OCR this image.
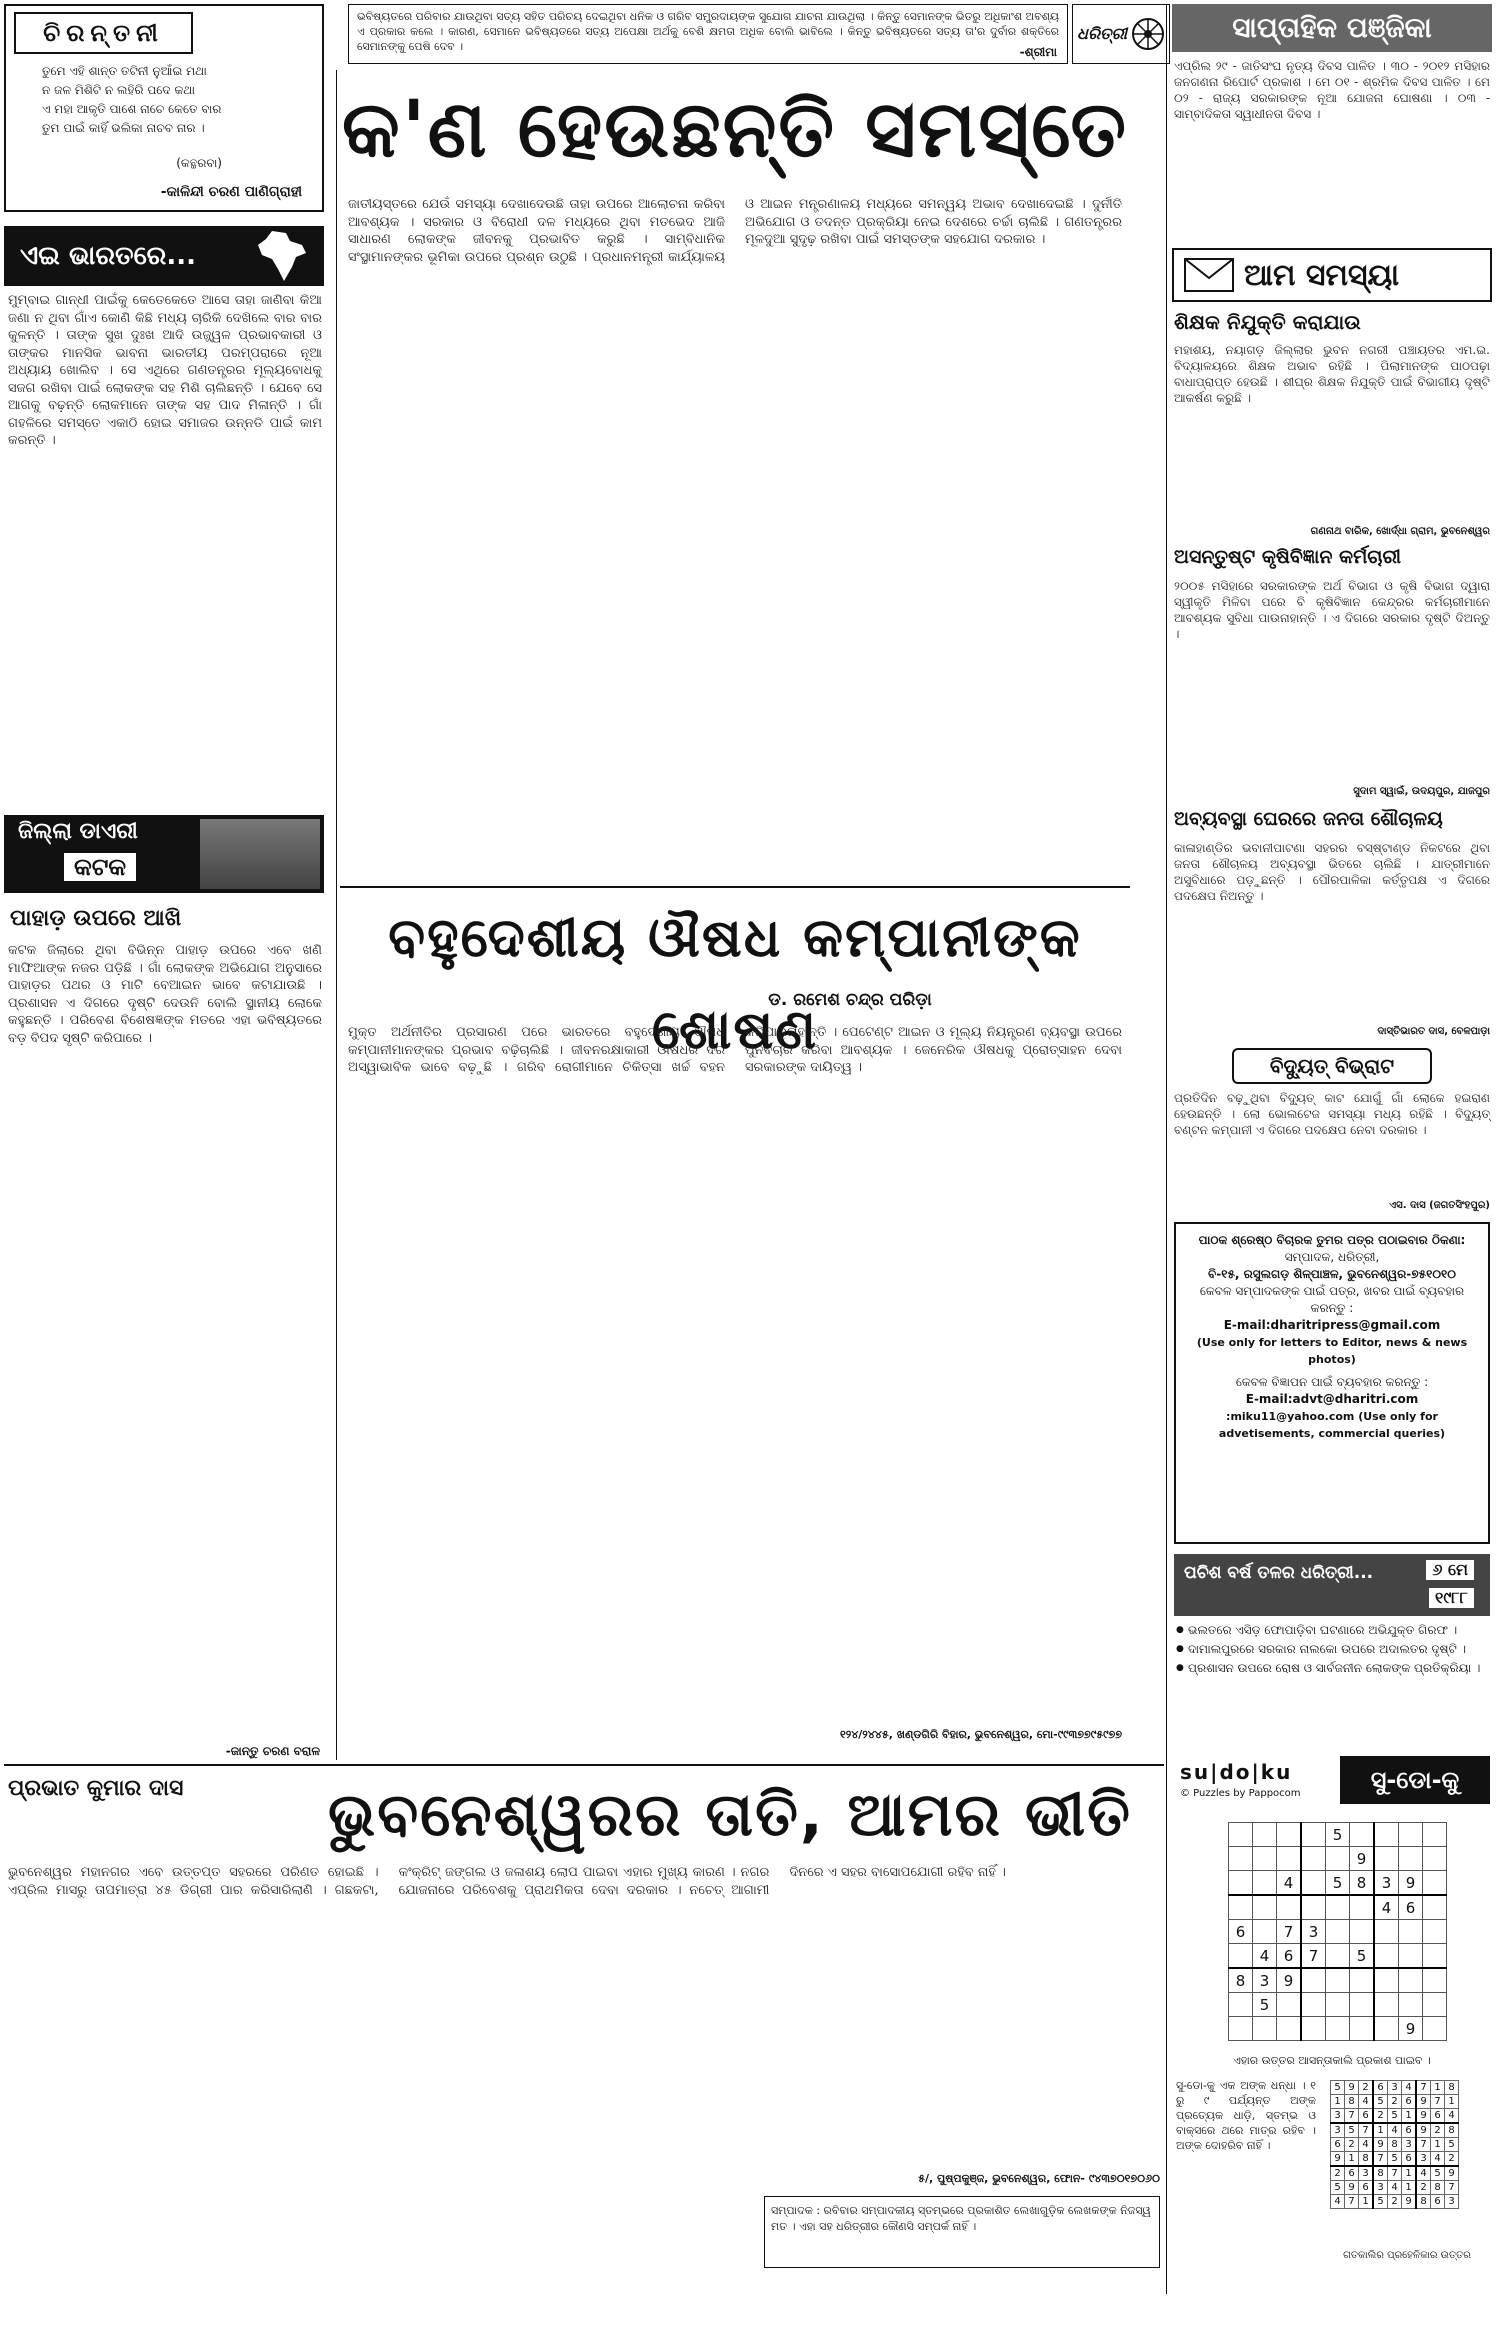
ଭବିଷ୍ୟତରେ ପରିବାର ଯାଉଥିବା ସତ୍ୟ ସହିତ ପରିଚୟ ଦେଇଥିବା ଧନିକ ଓ ଗରିବ ସମ୍ପ୍ରଦାୟଙ୍କ ସୁଯୋଗ ଯାଚନା ଯାଉଥିଲା । କିନ୍ତୁ ସେମାନଙ୍କ ଭିତରୁ ଅଧିକାଂଶ ଅବଶ୍ୟ ଏ ପ୍ରକାର କଲେ । କାରଣ, ସେମାନେ ଭବିଷ୍ୟତରେ ସତ୍ୟ ଅପେକ୍ଷା ଅର୍ଥକୁ ବେଶି କ୍ଷମତା ଅଧିକ ବୋଲି ଭାବିଲେ । କିନ୍ତୁ ଭବିଷ୍ୟତରେ ସତ୍ୟ ତା'ର ଦୁର୍ବାର ଶକ୍ତିରେ ସେମାନଙ୍କୁ ପେଷି ଦେବ ।	-ଶ୍ରୀମା
ଧରିତ୍ରୀ
ଚିରନ୍ତନୀ
ତୁମେ ଏହି ଶାନ୍ତ ତଟିନୀ ନୁଆଁଇ ମଥା
ନ ଜଳ ମିଶିଟି ନ ଲହିରି ପଦେ କଥା
ଏ ମହା ଆକୃତି ପାଶେ ନାଚେ କେତେ ବାର
ତୁମ ପାଇଁ କାହିଁ ଭଲିକା ନାଚବ ନାର ।
(କନ୍ଥରବା)
-କାଳିନ୍ଦୀ ଚରଣ ପାଣିଗ୍ରାହୀ
ଏଇ ଭାରତରେ...
ମୁମ୍ବାଇ ଗାନ୍ଧୀ ପାଇଁକୁ କେତେକେତେ ଆସେ ତାହା ଜାଣିବା କିଆ ଜଣା ନ ଥିବା ଗାଁଏ କୋଣି କିଛି ମଧ୍ୟ ଚାରିକି ଦେଖିଲେ ବାର ବାର କୁଳନ୍ତି । ତାଙ୍କ ସୁଖ ଦୁଃଖ ଆଦି ଉଜ୍ଜ୍ୱଳ ପ୍ରଭାବକାରୀ ଓ ତାଙ୍କର ମାନସିକ ଭାବନା ଭାରତୀୟ ପରମ୍ପରାରେ ନୂଆ ଅଧ୍ୟାୟ ଖୋଲିବ । ସେ ଏଥିରେ ଗଣତନ୍ତ୍ରର ମୂଲ୍ୟବୋଧକୁ ସଜଗ ରଖିବା ପାଇଁ ଲୋକଙ୍କ ସହ ମିଶି ଚାଲିଛନ୍ତି । ଯେବେ ସେ ଆଗକୁ ବଢ଼ନ୍ତି ଲୋକମାନେ ତାଙ୍କ ସହ ପାଦ ମିଳାନ୍ତି । ଗାଁ ଗହଳିରେ ସମସ୍ତେ ଏକାଠି ହୋଇ ସମାଜର ଉନ୍ନତି ପାଇଁ କାମ କରନ୍ତି ।
ଜିଲ୍ଲା ଡାଏରୀ
କଟକ
ପାହାଡ଼ ଉପରେ ଆଖି
କଟକ ଜିଲାରେ ଥିବା ବିଭିନ୍ନ ପାହାଡ଼ ଉପରେ ଏବେ ଖଣି ମାଫିଆଙ୍କ ନଜର ପଡ଼ିଛି । ଗାଁ ଲୋକଙ୍କ ଅଭିଯୋଗ ଅନୁସାରେ ପାହାଡ଼ର ପଥର ଓ ମାଟି ବେଆଇନ ଭାବେ କଟାଯାଉଛି । ପ୍ରଶାସନ ଏ ଦିଗରେ ଦୃଷ୍ଟି ଦେଉନି ବୋଲି ସ୍ଥାନୀୟ ଲୋକେ କହୁଛନ୍ତି । ପରିବେଶ ବିଶେଷଜ୍ଞଙ୍କ ମତରେ ଏହା ଭବିଷ୍ୟତରେ ବଡ଼ ବିପଦ ସୃଷ୍ଟି କରିପାରେ ।
-ଜାନ୍ତୁ ଚରଣ ବରାଳ
କ'ଣ ହେଉଛନ୍ତି ସମସ୍ତେ
ଜାତୀୟସ୍ତରେ ଯେଉଁ ସମସ୍ୟା ଦେଖାଦେଉଛି ତାହା ଉପରେ ଆଲୋଚନା କରିବା ଆବଶ୍ୟକ । ସରକାର ଓ ବିରୋଧୀ ଦଳ ମଧ୍ୟରେ ଥିବା ମତଭେଦ ଆଜି ସାଧାରଣ ଲୋକଙ୍କ ଜୀବନକୁ ପ୍ରଭାବିତ କରୁଛି । ସାମ୍ବିଧାନିକ ସଂସ୍ଥାମାନଙ୍କର ଭୂମିକା ଉପରେ ପ୍ରଶ୍ନ ଉଠୁଛି । ପ୍ରଧାନମନ୍ତ୍ରୀ କାର୍ଯ୍ୟାଳୟ ଓ ଆଇନ ମନ୍ତ୍ରଣାଳୟ ମଧ୍ୟରେ ସମନ୍ୱୟ ଅଭାବ ଦେଖାଦେଇଛି । ଦୁର୍ନୀତି ଅଭିଯୋଗ ଓ ତଦନ୍ତ ପ୍ରକ୍ରିୟା ନେଇ ଦେଶରେ ଚର୍ଚ୍ଚା ଚାଲିଛି । ଗଣତନ୍ତ୍ରର ମୂଳଦୁଆ ସୁଦୃଢ଼ ରଖିବା ପାଇଁ ସମସ୍ତଙ୍କ ସହଯୋଗ ଦରକାର ।
ବହୁଦେଶୀୟ ଔଷଧ କମ୍ପାନୀଙ୍କ ଶୋଷଣ
ଡ. ରମେଶ ଚନ୍ଦ୍ର ପରିଡ଼ା
ମୁକ୍ତ ଅର୍ଥନୀତିର ପ୍ରସାରଣ ପରେ ଭାରତରେ ବହୁଦେଶୀୟ ଔଷଧ କମ୍ପାନୀମାନଙ୍କର ପ୍ରଭାବ ବଢ଼ିଚାଲିଛି । ଜୀବନରକ୍ଷାକାରୀ ଔଷଧର ଦର ଅସ୍ୱାଭାବିକ ଭାବେ ବଢ଼ୁଛି । ଗରିବ ରୋଗୀମାନେ ଚିକିତ୍ସା ଖର୍ଚ୍ଚ ବହନ କରିପାରୁନାହାନ୍ତି । ପେଟେଣ୍ଟ ଆଇନ ଓ ମୂଲ୍ୟ ନିୟନ୍ତ୍ରଣ ବ୍ୟବସ୍ଥା ଉପରେ ପୁନର୍ବିଚାର କରିବା ଆବଶ୍ୟକ । ଜେନେରିକ ଔଷଧକୁ ପ୍ରୋତ୍ସାହନ ଦେବା ସରକାରଙ୍କ ଦାୟିତ୍ୱ ।
୧୨୪/୨୪୪୫, ଖଣ୍ଡଗିରି ବିହାର, ଭୁବନେଶ୍ୱର, ମୋ-୯୯୩୭୭୯୫୯୭୭
ପ୍ରଭାତ କୁମାର ଦାସ	ଭୁବନେଶ୍ୱରର ତାତି, ଆମର ଭୀତି
ଭୁବନେଶ୍ୱର ମହାନଗର ଏବେ ଉତ୍ତପ୍ତ ସହରରେ ପରିଣତ ହୋଇଛି । ଏପ୍ରିଲ ମାସରୁ ତାପମାତ୍ରା ୪୫ ଡିଗ୍ରୀ ପାର କରିସାରିଲାଣି । ଗଛକଟା, କଂକ୍ରିଟ୍ ଜଙ୍ଗଲ ଓ ଜଳାଶୟ ଲୋପ ପାଇବା ଏହାର ମୁଖ୍ୟ କାରଣ । ନଗର ଯୋଜନାରେ ପରିବେଶକୁ ପ୍ରାଥମିକତା ଦେବା ଦରକାର । ନଚେତ୍ ଆଗାମୀ ଦିନରେ ଏ ସହର ବାସୋପଯୋଗୀ ରହିବ ନାହିଁ ।
୫/, ପୁଷ୍ପକୁଞ୍ଜ, ଭୁବନେଶ୍ୱର, ଫୋନ- ୯୪୩୭୦୧୭୦୬୦
ସମ୍ପାଦକ : ରବିବାର ସମ୍ପାଦକୀୟ ସ୍ତମ୍ଭରେ ପ୍ରକାଶିତ ଲେଖାଗୁଡ଼ିକ ଲେଖକଙ୍କ ନିଜସ୍ୱ ମତ । ଏହା ସହ ଧରିତ୍ରୀର କୌଣସି ସମ୍ପର୍କ ନାହିଁ ।
ସାପ୍ତାହିକ ପଞ୍ଜିକା
ଏପ୍ରିଲ ୨୯ - ଜାତିସଂଘ ନୃତ୍ୟ ଦିବସ ପାଳିତ । ୩୦ - ୨୦୧୨ ମସିହାର ଜନଗଣନା ରିପୋର୍ଟ ପ୍ରକାଶ । ମେ ୦୧ - ଶ୍ରମିକ ଦିବସ ପାଳିତ । ମେ ୦୨ - ରାଜ୍ୟ ସରକାରଙ୍କ ନୂଆ ଯୋଜନା ଘୋଷଣା । ୦୩ - ସାମ୍ବାଦିକତା ସ୍ୱାଧୀନତା ଦିବସ ।
ଆମ ସମସ୍ୟା
ଶିକ୍ଷକ ନିଯୁକ୍ତି କରାଯାଉ
ମହାଶୟ, ନୟାଗଡ଼ ଜିଲ୍ଲାର ଭୁବନ ନଗରୀ ପଞ୍ଚାୟତର ଏମ.ଇ. ବିଦ୍ୟାଳୟରେ ଶିକ୍ଷକ ଅଭାବ ରହିଛି । ପିଲାମାନଙ୍କ ପାଠପଢ଼ା ବାଧାପ୍ରାପ୍ତ ହେଉଛି । ଶୀଘ୍ର ଶିକ୍ଷକ ନିଯୁକ୍ତି ପାଇଁ ବିଭାଗୀୟ ଦୃଷ୍ଟି ଆକର୍ଷଣ କରୁଛି ।
ଗଣନାଥ ବାରିକ, ଖୋର୍ଦ୍ଧା ଗ୍ରାମ, ଭୁବନେଶ୍ୱର
ଅସନ୍ତୁଷ୍ଟ କୃଷିବିଜ୍ଞାନ କର୍ମଚାରୀ
୨୦୦୫ ମସିହାରେ ସରକାରଙ୍କ ଅର୍ଥ ବିଭାଗ ଓ କୃଷି ବିଭାଗ ଦ୍ୱାରା ସ୍ୱୀକୃତି ମିଳିବା ପରେ ବି କୃଷିବିଜ୍ଞାନ କେନ୍ଦ୍ରର କର୍ମଚାରୀମାନେ ଆବଶ୍ୟକ ସୁବିଧା ପାଉନାହାନ୍ତି । ଏ ଦିଗରେ ସରକାର ଦୃଷ୍ଟି ଦିଅନ୍ତୁ ।
ସୁଦାମ ସ୍ୱାଇଁ, ଉଦୟପୁର, ଯାଜପୁର
ଅବ୍ୟବସ୍ଥା ଘେରରେ ଜନତା ଶୌଚାଳୟ
କାଳାହାଣ୍ଡିର ଭବାନୀପାଟଣା ସହରର ବସ୍ଷ୍ଟାଣ୍ଡ ନିକଟରେ ଥିବା ଜନତା ଶୌଚାଳୟ ଅବ୍ୟବସ୍ଥା ଭିତରେ ଚାଲିଛି । ଯାତ୍ରୀମାନେ ଅସୁବିଧାରେ ପଡ଼ୁଛନ୍ତି । ପୌରପାଳିକା କର୍ତ୍ତୃପକ୍ଷ ଏ ଦିଗରେ ପଦକ୍ଷେପ ନିଅନ୍ତୁ ।
ଦାସ୍ତିଭାରତ ଦାସ, ବେଳପାଡ଼ା
ବିଦ୍ୟୁତ୍ ବିଭ୍ରାଟ
ପ୍ରତିଦିନ ବଢ଼ୁଥିବା ବିଦ୍ୟୁତ୍ କାଟ ଯୋଗୁଁ ଗାଁ ଲୋକେ ହଇରାଣ ହେଉଛନ୍ତି । ଲୋ ଭୋଲଟେଜ ସମସ୍ୟା ମଧ୍ୟ ରହିଛି । ବିଦ୍ୟୁତ୍ ବଣ୍ଟନ କମ୍ପାନୀ ଏ ଦିଗରେ ପଦକ୍ଷେପ ନେବା ଦରକାର ।
ଏସ. ଦାସ (ଜଗତସିଂହପୁର)
ପାଠକ ଶ୍ରେଷ୍ଠ ବିଚାରକ ତୁମର ପତ୍ର ପଠାଇବାର ଠିକଣା:
ସମ୍ପାଦକ, ଧରିତ୍ରୀ,
ବି-୧୫, ରସୁଲଗଡ଼ ଶିଳ୍ପାଞ୍ଚଳ, ଭୁବନେଶ୍ୱର-୭୫୧୦୧୦
କେବଳ ସମ୍ପାଦକଙ୍କ ପାଇଁ ପତ୍ର, ଖବର ପାଇଁ ବ୍ୟବହାର କରନ୍ତୁ :
E-mail:dharitripress@gmail.com
(Use only for letters to Editor, news & news photos)
କେବଳ ବିଜ୍ଞାପନ ପାଇଁ ବ୍ୟବହାର କରନ୍ତୁ :
E-mail:advt@dharitri.com
:miku11@yahoo.com (Use only for advetisements, commercial queries)
ପଚିଶ ବର୍ଷ ତଳର ଧରିତ୍ରୀ...	୬ ମେ
୧୯୮୮
● ଭଲତରେ ଏସିଡ଼ ଫୋପାଡ଼ିବା ଘଟଣାରେ ଅଭିଯୁକ୍ତ ଗିରଫ ।
● ଦାମାଲପୁରରେ ସରକାର ନାଲକୋ ଉପରେ ଅଦାଲତର ଦୃଷ୍ଟି ।
● ପ୍ରଶାସନ ଉପରେ ରୋଷ ଓ ସାର୍ବଜନୀନ ଲୋକଙ୍କ ପ୍ରତିକ୍ରିୟା ।
su|do|ku
© Puzzles by Pappocom	ସୁ-ଡୋ-କୁ
				5				
					9			
		4		5	8	3	9	
						4	6	
6		7	3					
	4	6	7		5			
8	3	9						
	5							
							9	
ଏହାର ଉତ୍ତର ଆସନ୍ତାକାଲି ପ୍ରକାଶ ପାଇବ ।
ସୁ-ଡୋ-କୁ ଏକ ଅଙ୍କ ଧନ୍ଧା । ୧ ରୁ ୯ ପର୍ଯ୍ୟନ୍ତ ଅଙ୍କ ପ୍ରତ୍ୟେକ ଧାଡ଼ି, ସ୍ତମ୍ଭ ଓ ବାକ୍ସରେ ଥରେ ମାତ୍ର ରହିବ । ଅଙ୍କ ଦୋହରିବ ନାହିଁ ।
5	9	2	6	3	4	7	1	8
1	8	4	5	2	6	9	7	1
3	7	6	2	5	1	9	6	4
3	5	7	1	4	6	9	2	8
6	2	4	9	8	3	7	1	5
9	1	8	7	5	6	3	4	2
2	6	3	8	7	1	4	5	9
5	9	6	3	4	1	2	8	7
4	7	1	5	2	9	8	6	3
ଗତକାଲିର ପ୍ରହେଳିକାର ଉତ୍ତର
